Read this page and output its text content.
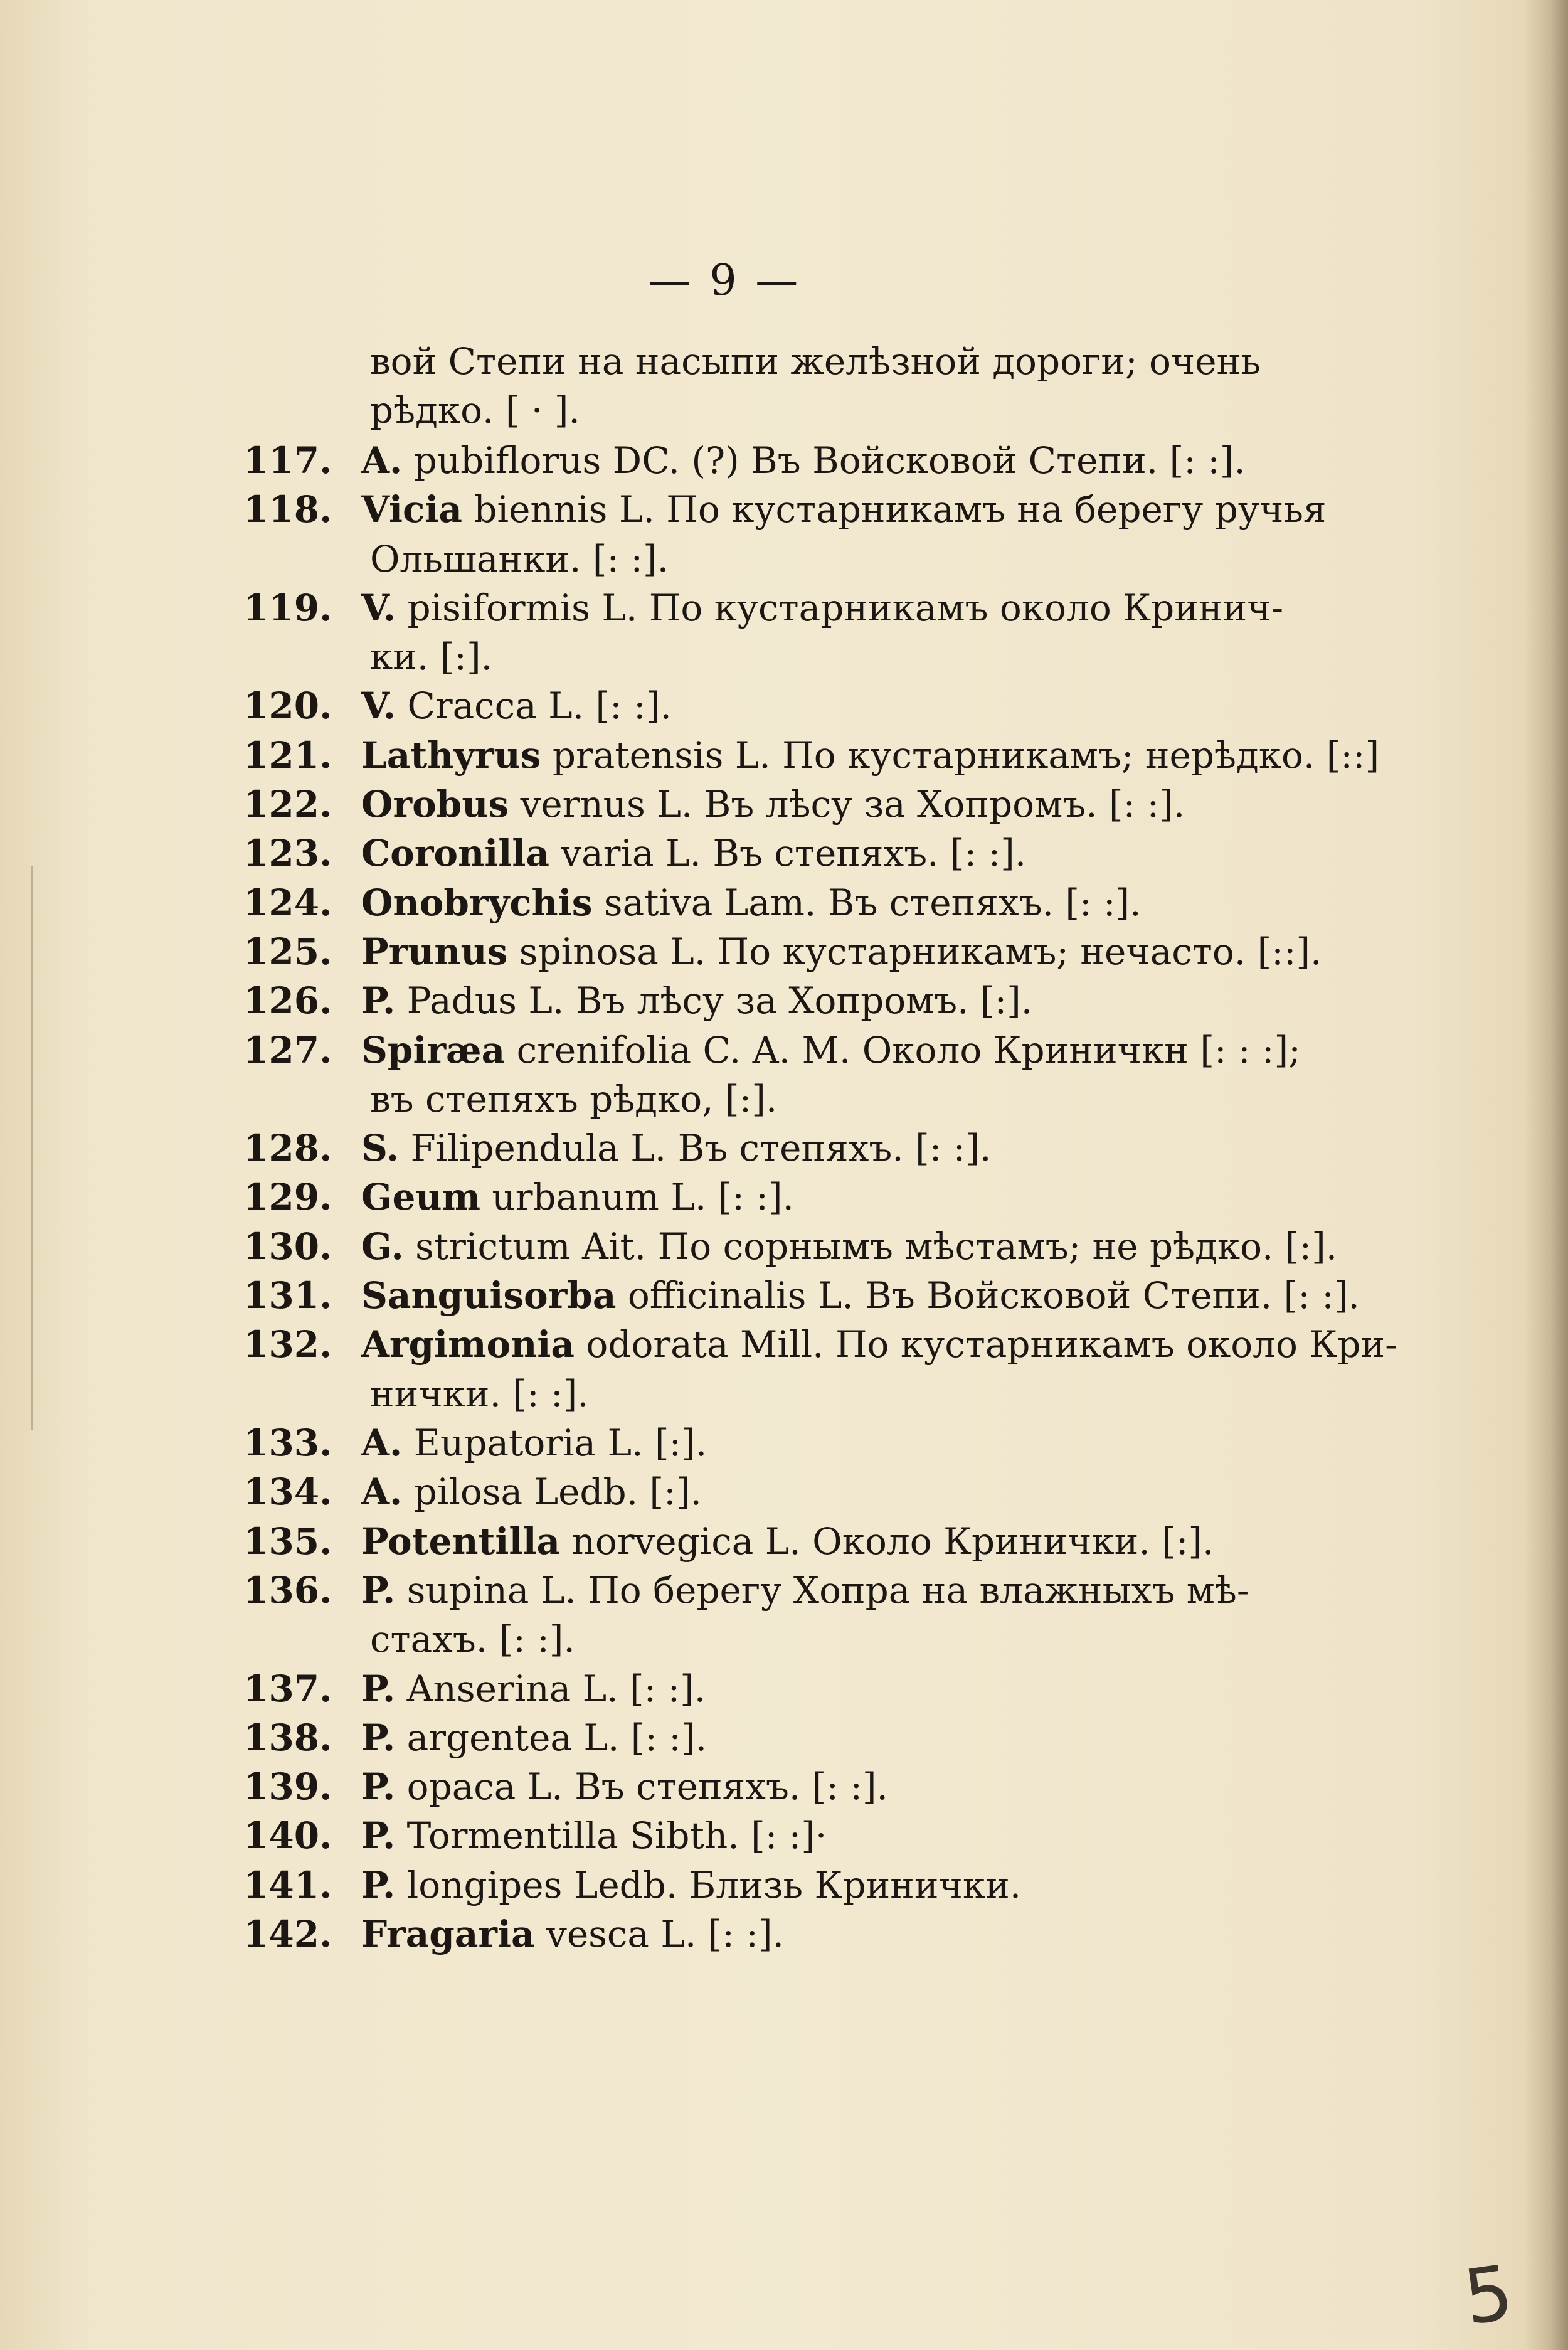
— 9 —
вой Степи на насыпи желѣзной дороги; очень
рѣдко. [ · ].
117. A. pubiflorus DC. (?) Въ Войсковой Степи. [: :].
118. Vicia biennis L. По кустарникамъ на берегу ручья
Ольшанки. [: :].
119. V. pisiformis L. По кустарникамъ около Кринич-
ки. [:].
120. V. Cracca L. [: :].
121. Lathyrus pratensis L. По кустарникамъ; нерѣдко. [::]
122. Orobus vernus L. Въ лѣсу за Хопромъ. [: :].
123. Coronilla varia L. Въ степяхъ. [: :].
124. Onobrychis sativa Lam. Въ степяхъ. [: :].
125. Prunus spinosa L. По кустарникамъ; нечасто. [::].
126. P. Padus L. Въ лѣсу за Хопромъ. [:].
127. Spiræa crenifolia C. A. M. Около Криничкн [: : :];
въ степяхъ рѣдко, [:].
128. S. Filipendula L. Въ степяхъ. [: :].
129. Geum urbanum L. [: :].
130. G. strictum Ait. По сорнымъ мѣстамъ; не рѣдко. [:].
131. Sanguisorba officinalis L. Въ Войсковой Степи. [: :].
132. Argimonia odorata Mill. По кустарникамъ около Кри-
нички. [: :].
133. A. Eupatoria L. [:].
134. A. pilosa Ledb. [:].
135. Potentilla norvegica L. Около Кринички. [:].
136. P. supina L. По берегу Хопра на влажныхъ мѣ-
стахъ. [: :].
137. P. Anserina L. [: :].
138. P. argentea L. [: :].
139. P. opaca L. Въ степяхъ. [: :].
140. P. Tormentilla Sibth. [: :]·
141. P. longipes Ledb. Близь Кринички.
142. Fragaria vesca L. [: :].
5
